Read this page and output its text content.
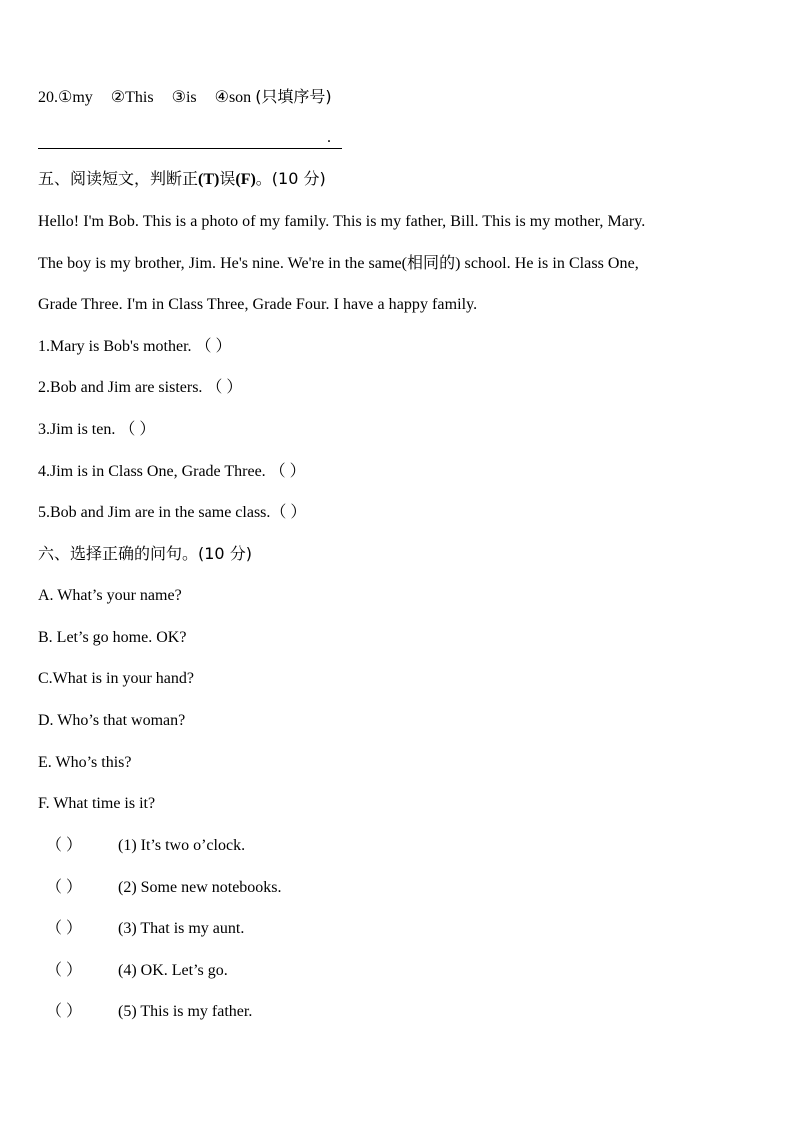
20.①my ②This ③is ④son (只填序号)
.
五、阅读短文，判断正(T)误(F)。(10 分)
Hello! I'm Bob. This is a photo of my family. This is my father, Bill. This is my mother, Mary.
The boy is my brother, Jim. He's nine. We're in the same(相同的) school. He is in Class One,
Grade Three. I'm in Class Three, Grade Four. I have a happy family.
1.Mary is Bob's mother. （ ）
2.Bob and Jim are sisters. （ ）
3.Jim is ten. （ ）
4.Jim is in Class One, Grade Three. （ ）
5.Bob and Jim are in the same class.（ ）
六、选择正确的问句。(10 分)
A. What’s your name?
B. Let’s go home. OK?
C.What is in your hand?
D. Who’s that woman?
E. Who’s this?
F. What time is it?
（ ） (1) It’s two o’clock.
（ ） (2) Some new notebooks.
（ ） (3) That is my aunt.
（ ） (4) OK. Let’s go.
（ ） (5) This is my father.
